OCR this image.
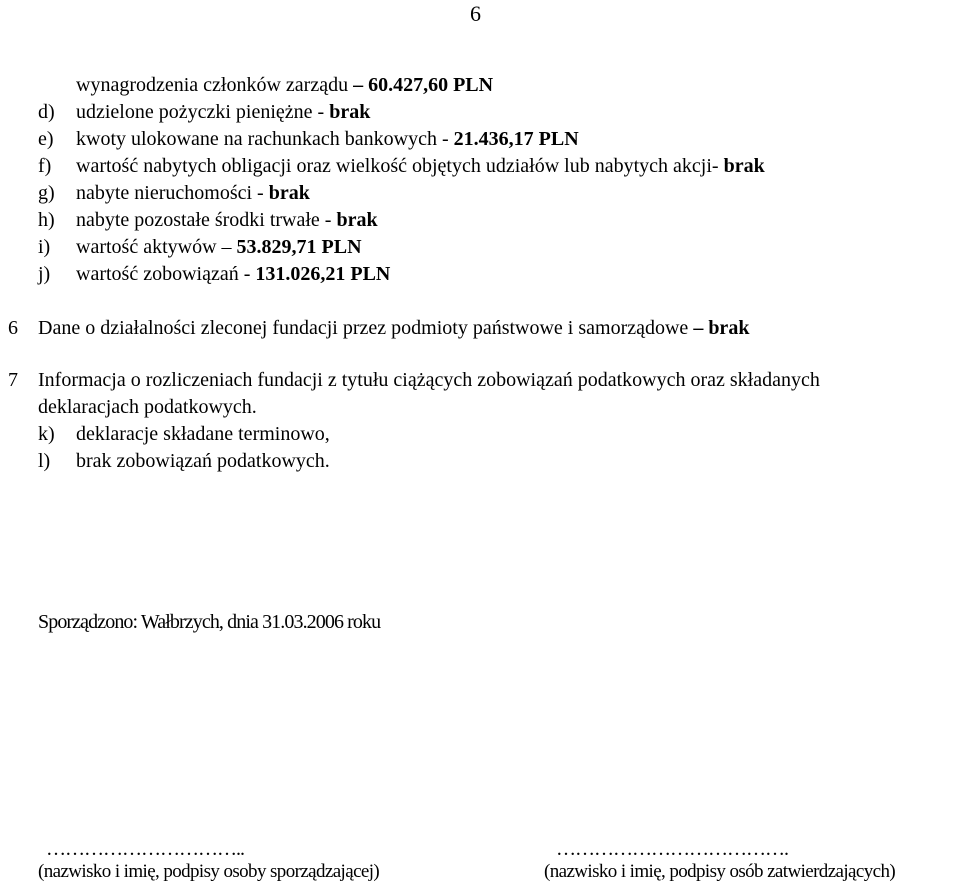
6
wynagrodzenia członków zarządu – 60.427,60 PLN
d) udzielone pożyczki pieniężne - brak
e) kwoty ulokowane na rachunkach bankowych - 21.436,17 PLN
f) wartość nabytych obligacji oraz wielkość objętych udziałów lub nabytych akcji- brak
g) nabyte nieruchomości - brak
h) nabyte pozostałe środki trwałe - brak
i) wartość aktywów – 53.829,71 PLN
j) wartość zobowiązań - 131.026,21 PLN
6 Dane o działalności zleconej fundacji przez podmioty państwowe i samorządowe – brak
7 Informacja o rozliczeniach fundacji z tytułu ciążących zobowiązań podatkowych oraz składanych
deklaracjach podatkowych.
k) deklaracje składane terminowo,
l) brak zobowiązań podatkowych.
Sporządzono: Wałbrzych, dnia 31.03.2006 roku
…………………………..
(nazwisko i imię, podpisy osoby sporządzającej)
……………………………….
(nazwisko i imię, podpisy osób zatwierdzających)
